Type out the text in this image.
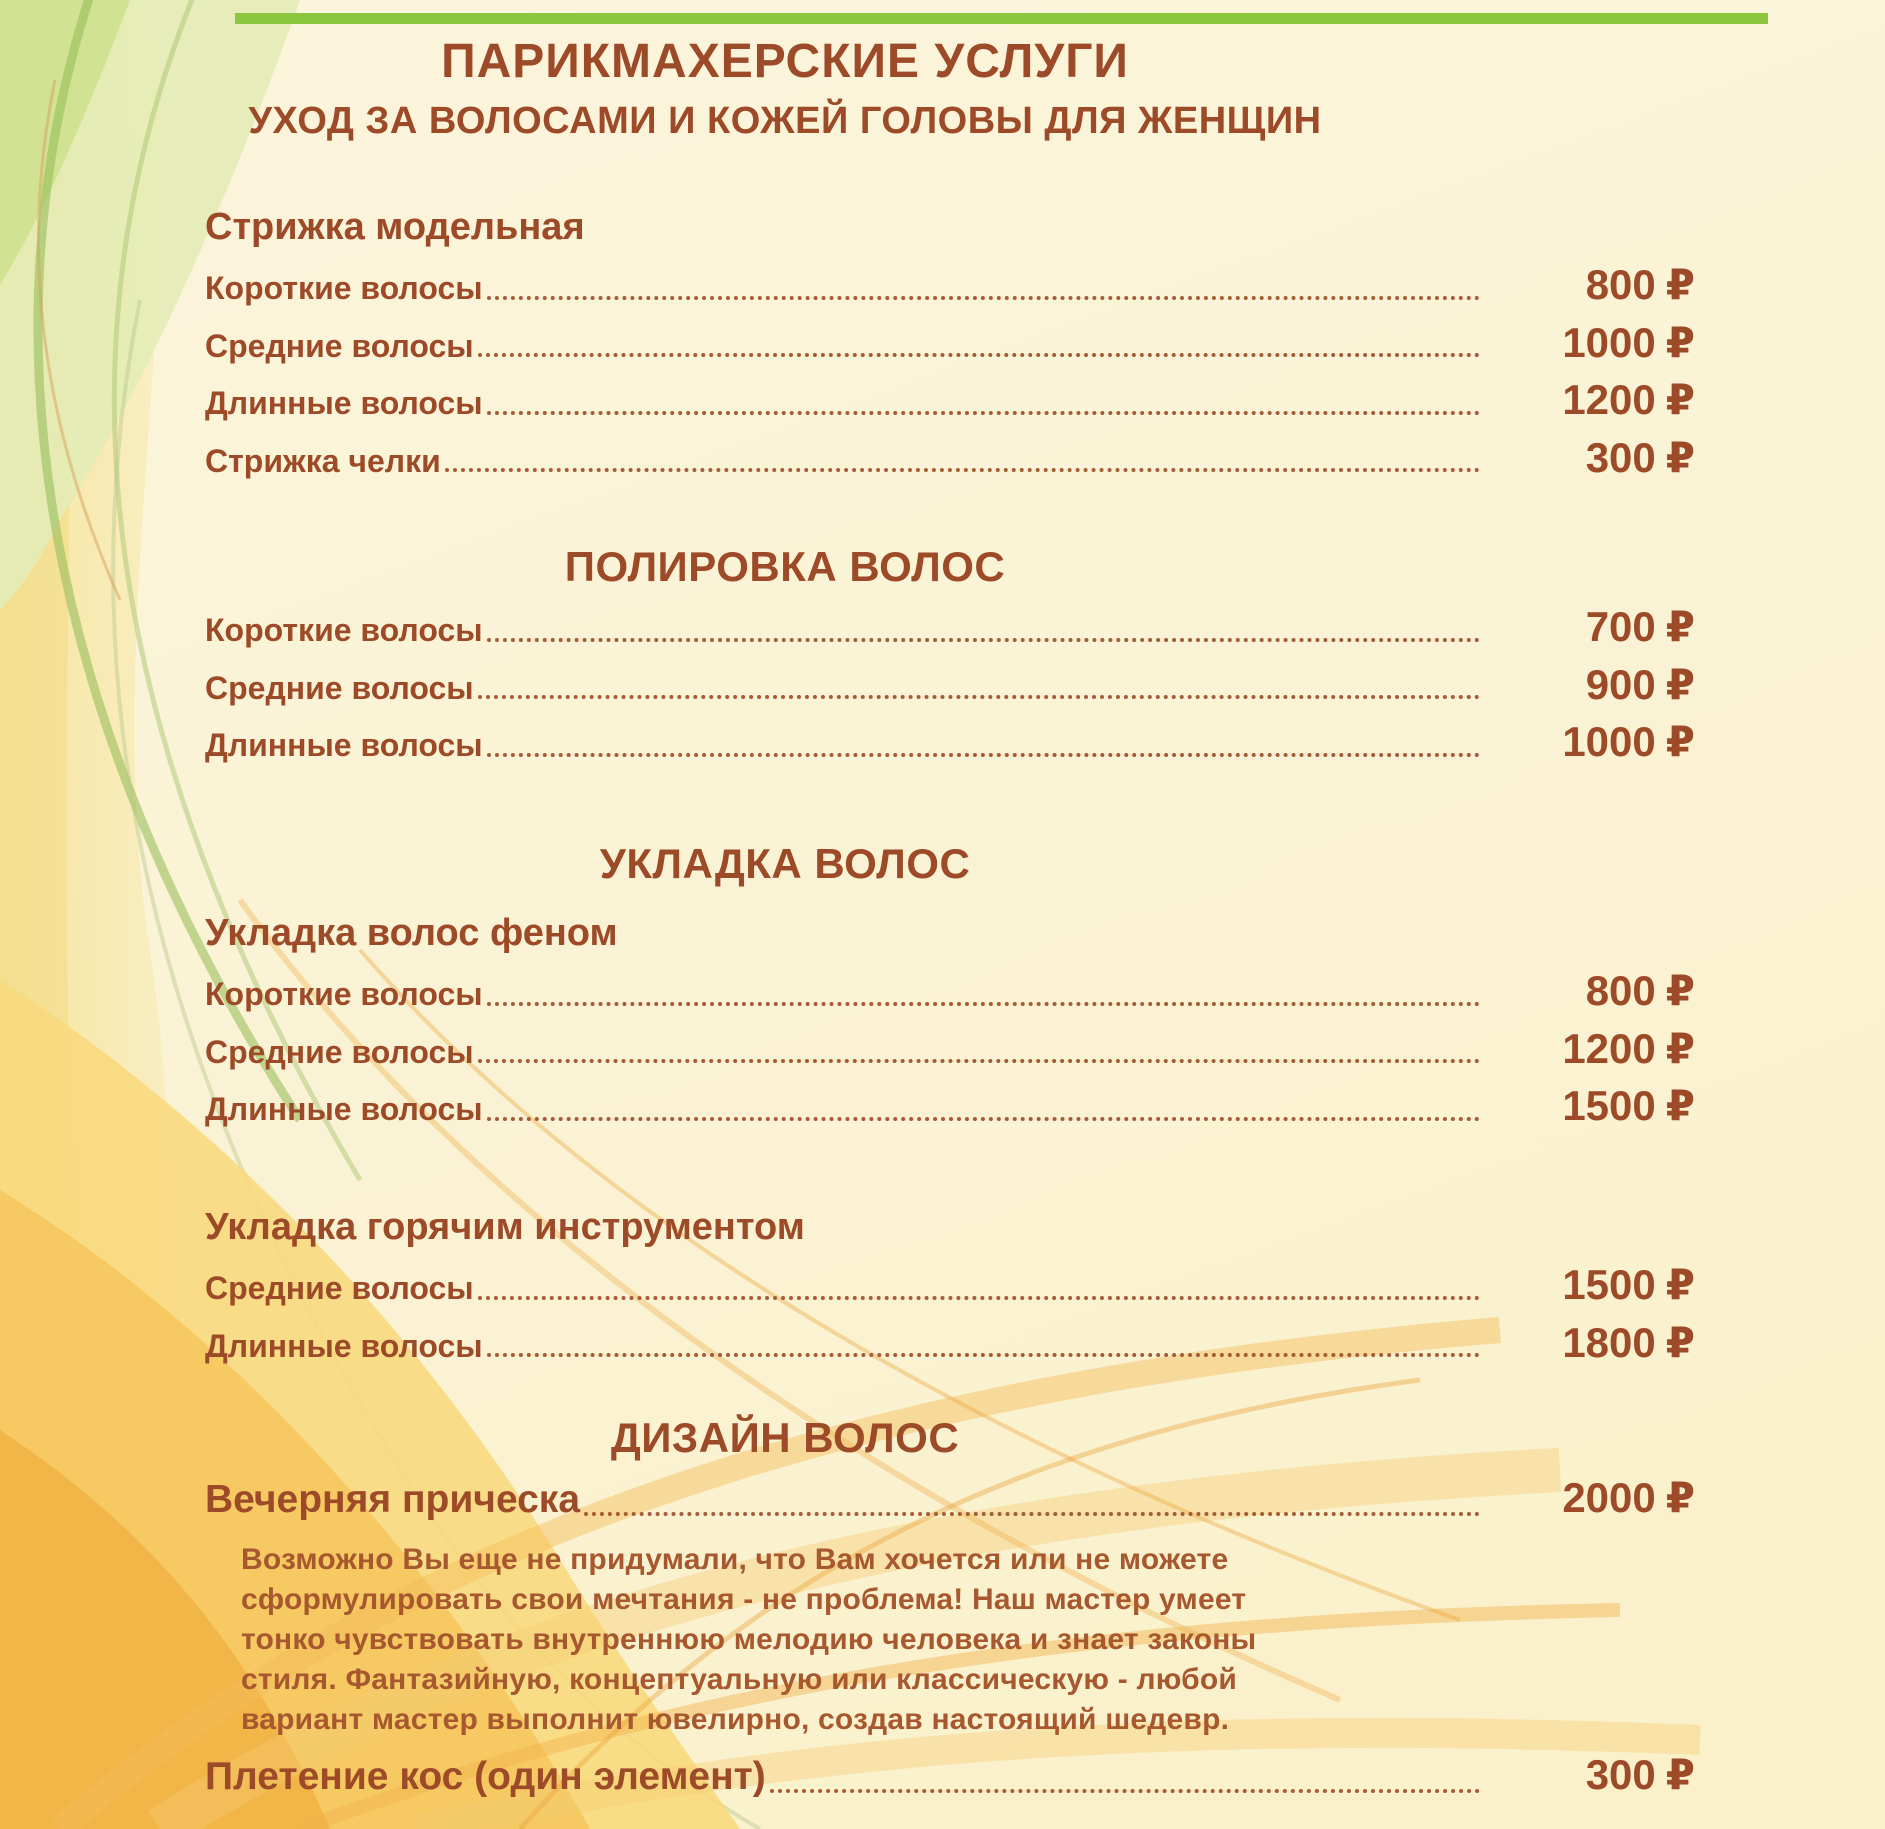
ПАРИКМАХЕРСКИЕ УСЛУГИ
УХОД ЗА ВОЛОСАМИ И КОЖЕЙ ГОЛОВЫ ДЛЯ ЖЕНЩИН
Стрижка модельная
Короткие волосы	800 ₽
Средние волосы	1000 ₽
Длинные волосы	1200 ₽
Стрижка челки	300 ₽
ПОЛИРОВКА ВОЛОС
Короткие волосы	700 ₽
Средние волосы	900 ₽
Длинные волосы	1000 ₽
УКЛАДКА ВОЛОС
Укладка волос феном
Короткие волосы	800 ₽
Средние волосы	1200 ₽
Длинные волосы	1500 ₽
Укладка горячим инструментом
Средние волосы	1500 ₽
Длинные волосы	1800 ₽
ДИЗАЙН ВОЛОС
Вечерняя прическа	2000 ₽

Возможно Вы еще не придумали, что Вам хочется или не можете сформулировать свои мечтания - не проблема! Наш мастер умеет тонко чувствовать внутреннюю мелодию человека и знает законы стиля. Фантазийную, концептуальную или классическую - любой вариант мастер выполнит ювелирно, создав настоящий шедевр.

Плетение кос (один элемент)	300 ₽
